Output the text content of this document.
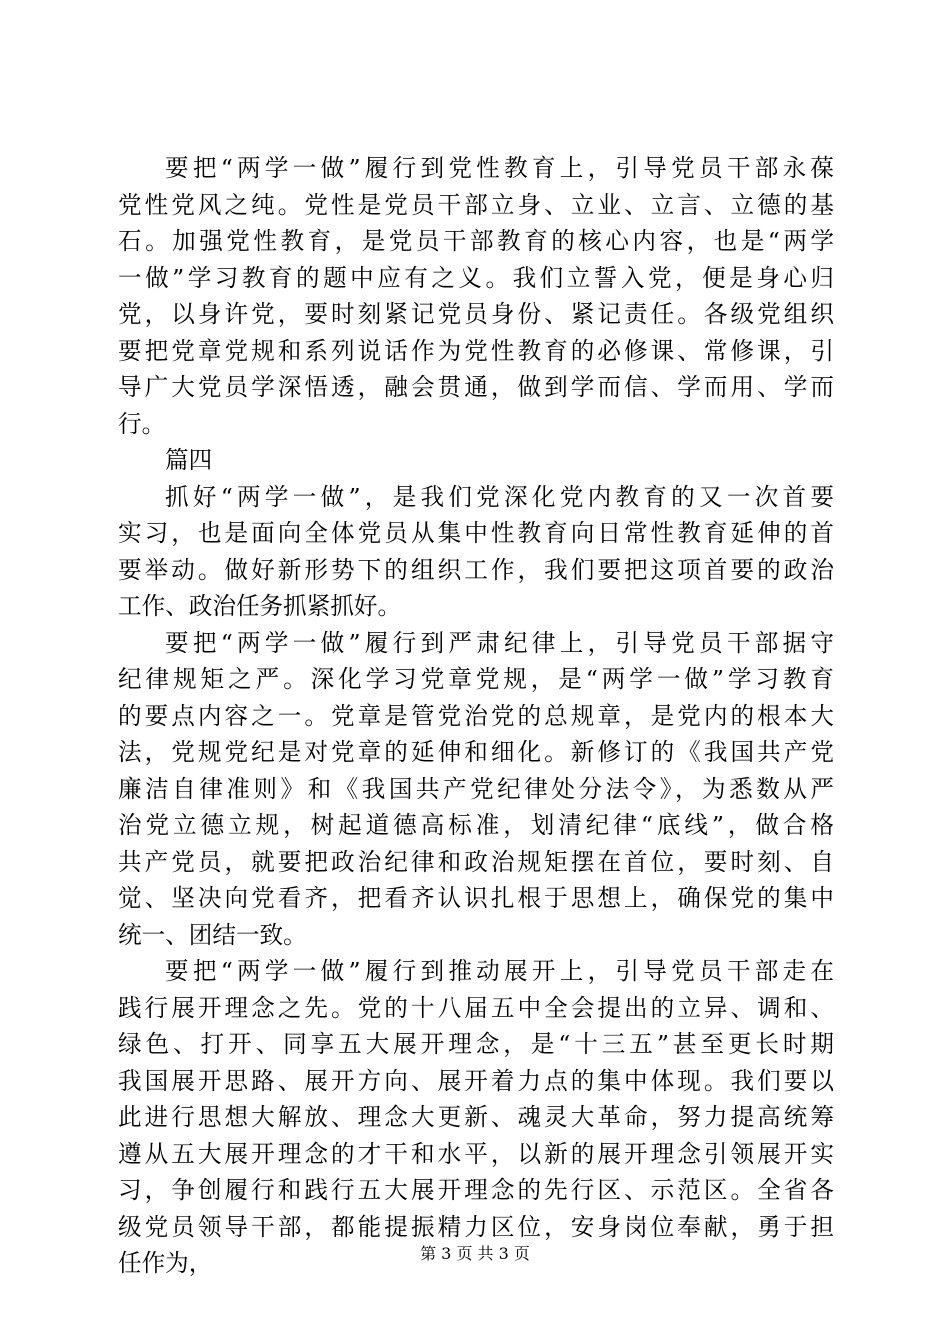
要把“两学一做”履行到党性教育上，引导党员干部永葆
党性党风之纯。党性是党员干部立身、立业、立言、立德的基
石。加强党性教育，是党员干部教育的核心内容，也是“两学
一做”学习教育的题中应有之义。我们立誓入党，便是身心归
党，以身许党，要时刻紧记党员身份、紧记责任。各级党组织
要把党章党规和系列说话作为党性教育的必修课、常修课，引
导广大党员学深悟透，融会贯通，做到学而信、学而用、学而
行。
篇四
抓好“两学一做”，是我们党深化党内教育的又一次首要
实习，也是面向全体党员从集中性教育向日常性教育延伸的首
要举动。做好新形势下的组织工作，我们要把这项首要的政治
工作、政治任务抓紧抓好。
要把“两学一做”履行到严肃纪律上，引导党员干部据守
纪律规矩之严。深化学习党章党规，是“两学一做”学习教育
的要点内容之一。党章是管党治党的总规章，是党内的根本大
法，党规党纪是对党章的延伸和细化。新修订的《我国共产党
廉洁自律准则》和《我国共产党纪律处分法令》，为悉数从严
治党立德立规，树起道德高标准，划清纪律“底线”，做合格
共产党员，就要把政治纪律和政治规矩摆在首位，要时刻、自
觉、坚决向党看齐，把看齐认识扎根于思想上，确保党的集中
统一、团结一致。
要把“两学一做”履行到推动展开上，引导党员干部走在
践行展开理念之先。党的十八届五中全会提出的立异、调和、
绿色、打开、同享五大展开理念，是“十三五”甚至更长时期
我国展开思路、展开方向、展开着力点的集中体现。我们要以
此进行思想大解放、理念大更新、魂灵大革命，努力提高统筹
遵从五大展开理念的才干和水平，以新的展开理念引领展开实
习，争创履行和践行五大展开理念的先行区、示范区。全省各
级党员领导干部，都能提振精力区位，安身岗位奉献，勇于担
任作为，	第 3 页 共 3 页
